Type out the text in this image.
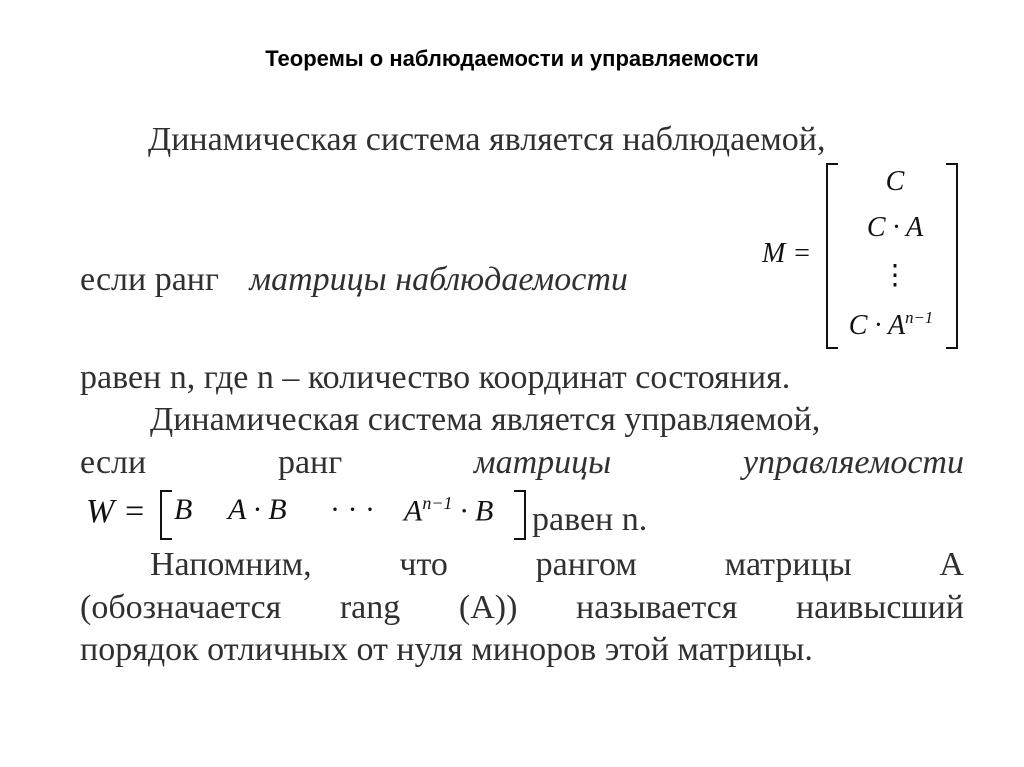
Теоремы о наблюдаемости и управляемости
Динамическая система является наблюдаемой,
если ранг матрицы наблюдаемости
M =
C
C · A
⋮
$C \cdot A^{n-1}$
равен n, где n – количество координат состояния.
Динамическая система является управляемой,
если	ранг	матрицы	управляемости
W = B A · B · · · $A^{n-1} \cdot B$ равен n.
Напомним,	что	рангом	матрицы	А
(обозначается rang (A)) называется наивысший
порядок отличных от нуля миноров этой матрицы.
